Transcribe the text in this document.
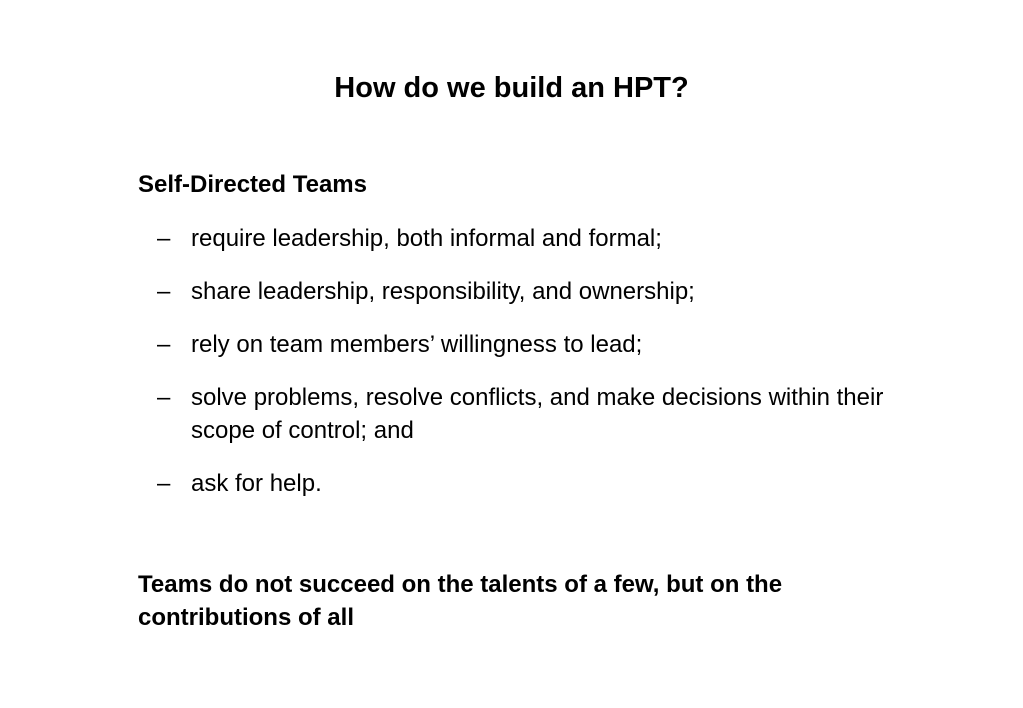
How do we build an HPT?
Self-Directed Teams
– require leadership, both informal and formal;
– share leadership, responsibility, and ownership;
– rely on team members’ willingness to lead;
– solve problems, resolve conflicts, and make decisions within their scope of control; and
– ask for help.
Teams do not succeed on the talents of a few, but on the
contributions of all
